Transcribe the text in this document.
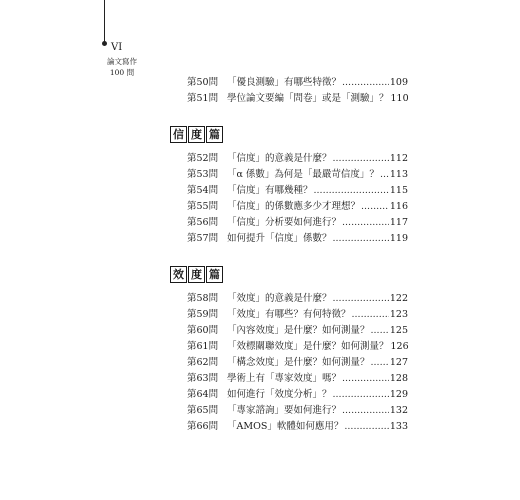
VI
論文寫作
100 問
第50問 「優良測驗」有哪些特徵？ .....	109
第51問 學位論文要編「問卷」或是「測驗」？ 110
信 度 篇
第52問 「信度」的意義是什麼？ .....	112
第53問 「α 係數」為何是「最嚴苛信度」？ ..... 113
第54問 「信度」有哪幾種？ .....	115
第55問 「信度」的係數應多少才理想？ .....	116
第56問 「信度」分析要如何進行？ .....	117
第57問 如何提升「信度」係數？ .....	119
效 度 篇
第58問 「效度」的意義是什麼？ .....	122
第59問 「效度」有哪些？有何特徵？ .....	123
第60問 「內容效度」是什麼？如何測量？ ..... 125
第61問 「效標關聯效度」是什麼？如何測量？ 126
第62問 「構念效度」是什麼？如何測量？ ..... 127
第63問 學術上有「專家效度」嗎？ .....	128
第64問 如何進行「效度分析」？ .....	129
第65問 「專家諮詢」要如何進行？ .....	132
第66問 「AMOS」軟體如何應用？ .....	133
